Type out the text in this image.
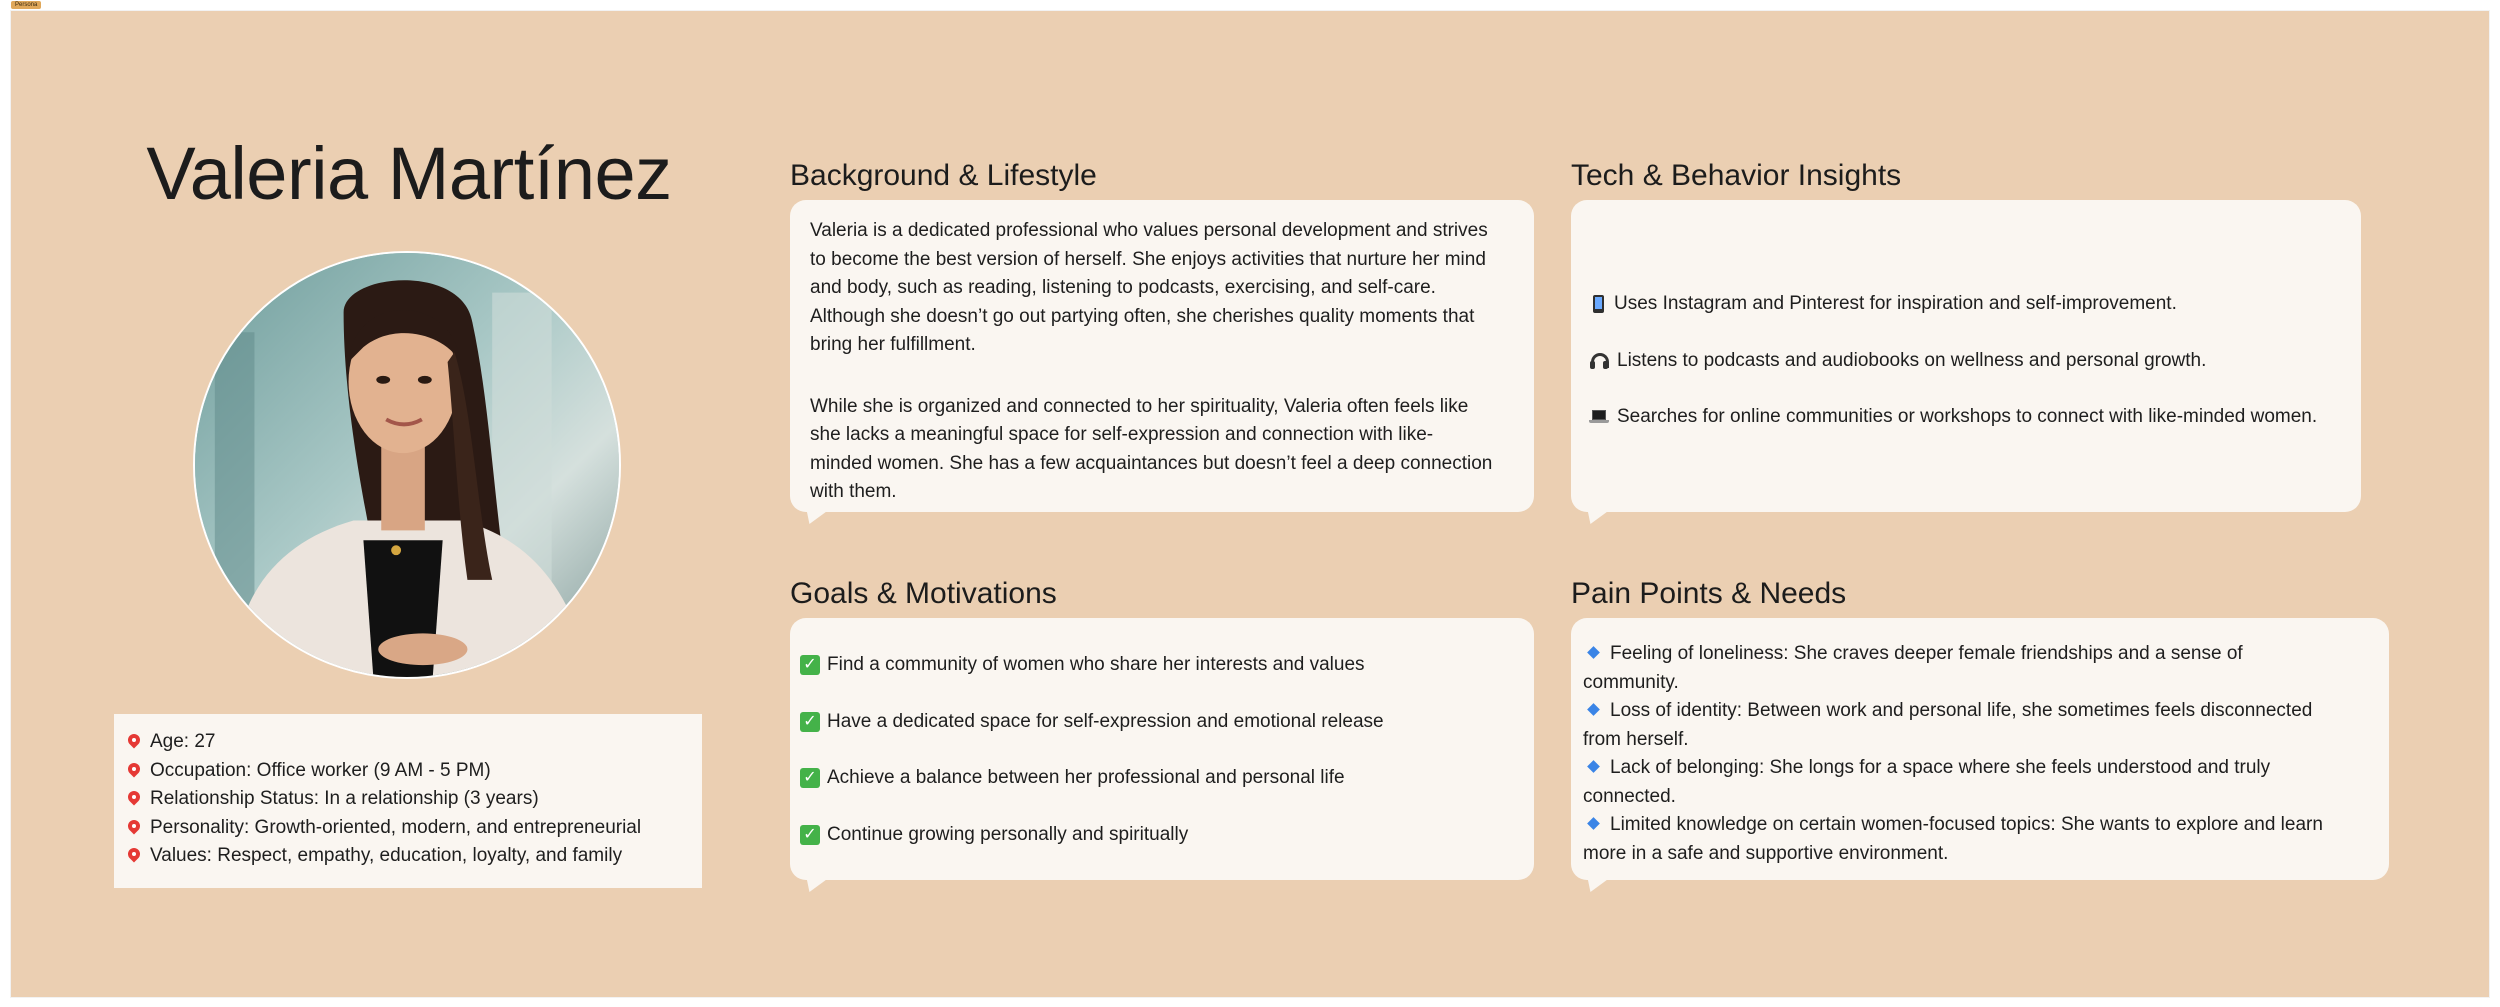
Persona
Valeria Martínez
Age: 27
Occupation: Office worker (9 AM - 5 PM)
Relationship Status: In a relationship (3 years)
Personality: Growth-oriented, modern, and entrepreneurial
Values: Respect, empathy, education, loyalty, and family
Background & Lifestyle

Valeria is a dedicated professional who values personal development and strives
to become the best version of herself. She enjoys activities that nurture her mind
and body, such as reading, listening to podcasts, exercising, and self-care.
Although she doesn’t go out partying often, she cherishes quality moments that
bring her fulfillment.

While she is organized and connected to her spirituality, Valeria often feels like
she lacks a meaningful space for self-expression and connection with like-
minded women. She has a few acquaintances but doesn’t feel a deep connection
with them.

Tech & Behavior Insights
Uses Instagram and Pinterest for inspiration and self-improvement.
Listens to podcasts and audiobooks on wellness and personal growth.
Searches for online communities or workshops to connect with like-minded women.
Goals & Motivations
✓ Find a community of women who share her interests and values
✓ Have a dedicated space for self-expression and emotional release
✓ Achieve a balance between her professional and personal life
✓ Continue growing personally and spiritually
Pain Points & Needs
Feeling of loneliness: She craves deeper female friendships and a sense of
community.
Loss of identity: Between work and personal life, she sometimes feels disconnected
from herself.
Lack of belonging: She longs for a space where she feels understood and truly
connected.
Limited knowledge on certain women-focused topics: She wants to explore and learn
more in a safe and supportive environment.
